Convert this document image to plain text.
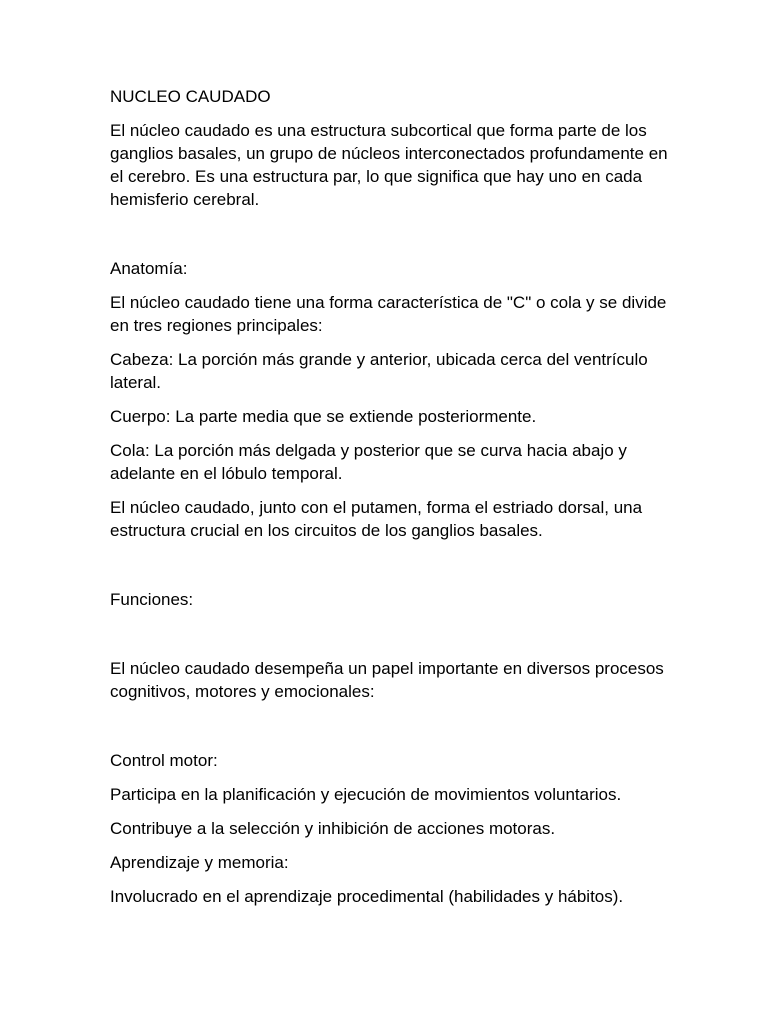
NUCLEO CAUDADO

El núcleo caudado es una estructura subcortical que forma parte de los ganglios basales, un grupo de núcleos interconectados profundamente en el cerebro. Es una estructura par, lo que significa que hay uno en cada hemisferio cerebral.

Anatomía:

El núcleo caudado tiene una forma característica de "C" o cola y se divide en tres regiones principales:

Cabeza: La porción más grande y anterior, ubicada cerca del ventrículo lateral.

Cuerpo: La parte media que se extiende posteriormente.

Cola: La porción más delgada y posterior que se curva hacia abajo y adelante en el lóbulo temporal.

El núcleo caudado, junto con el putamen, forma el estriado dorsal, una estructura crucial en los circuitos de los ganglios basales.

Funciones:

El núcleo caudado desempeña un papel importante en diversos procesos cognitivos, motores y emocionales:

Control motor:

Participa en la planificación y ejecución de movimientos voluntarios.

Contribuye a la selección y inhibición de acciones motoras.

Aprendizaje y memoria:

Involucrado en el aprendizaje procedimental (habilidades y hábitos).
